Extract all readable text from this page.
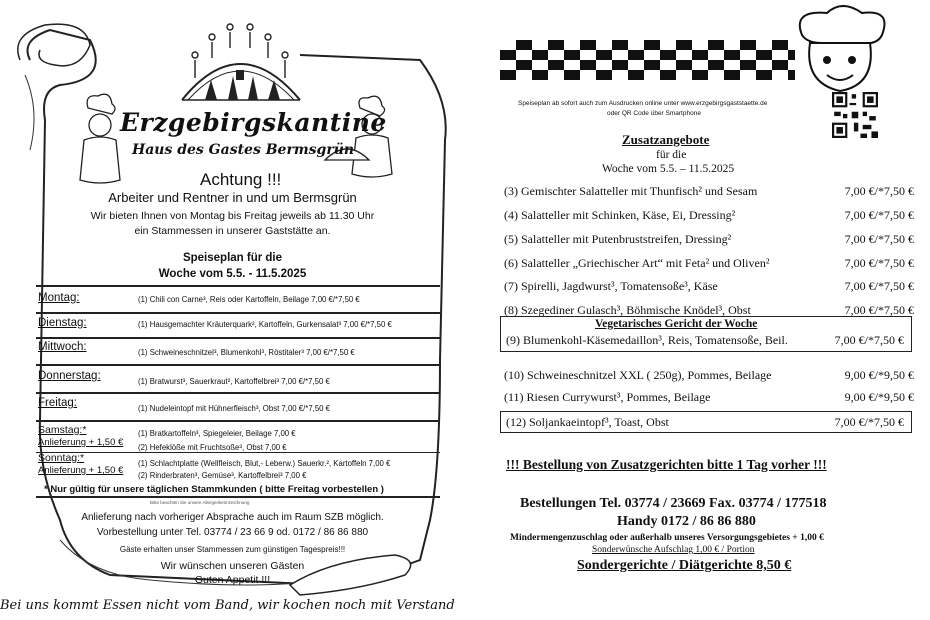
Erzgebirgskantine
Haus des Gastes Bermsgrün
Achtung !!!
Arbeiter und Rentner in und um Bermsgrün
Wir bieten Ihnen von Montag bis Freitag jeweils ab 11.30 Uhr
ein Stammessen in unserer Gaststätte an.
Speiseplan für die
Woche vom 5.5. - 11.5.2025
Montag:	(1) Chili con Carne³, Reis oder Kartoffeln, Beilage 7,00 €/*7,50 €
Dienstag:	(1) Hausgemachter Kräuterquark², Kartoffeln, Gurkensalat³ 7,00 €/*7,50 €
Mittwoch:	(1) Schweineschnitzel³, Blumenkohl³, Röstitaler³ 7,00 €/*7,50 €
Donnerstag:	(1) Bratwurst³, Sauerkraut², Kartoffelbrei³ 7,00 €/*7,50 €
Freitag:	(1) Nudeleintopf mit Hühnerfleisch³, Obst 7,00 €/*7,50 €
Samstag:*	(1) Bratkartoffeln³, Spiegeleier, Beilage 7,00 €
Anlieferung + 1,50 € (2) Hefeklöße mit Fruchtsoße³, Obst 7,00 €
Sonntag:*	(1) Schlachtplatte (Wellfleisch, Blut,- Leberw.) Sauerkr.², Kartoffeln 7,00 €
Anlieferung + 1,50 € (2) Rinderbraten³, Gemüse³, Kartoffelbrei³ 7,00 €
* Nur gültig für unsere täglichen Stammkunden ( bitte Freitag vorbestellen )
Bitte beachten Sie unsere Allergenkennzeichnung
Anlieferung nach vorheriger Absprache auch im Raum SZB möglich.
Vorbestellung unter Tel. 03774 / 23 66 9 od. 0172 / 86 86 880
Gäste erhalten unser Stammessen zum günstigen Tagespreis!!!
Wir wünschen unseren Gästen
Guten Appetit !!!
Bei uns kommt Essen nicht vom Band, wir kochen noch mit Verstand
Speiseplan ab sofort auch zum Ausdrucken online unter www.erzgebirgsgaststaette.de
oder QR Code über Smartphone
Zusatzangebote
für die
Woche vom 5.5. – 11.5.2025
(3) Gemischter Salatteller mit Thunfisch² und Sesam	7,00 €/*7,50 €
(4) Salatteller mit Schinken, Käse, Ei, Dressing²	7,00 €/*7,50 €
(5) Salatteller mit Putenbruststreifen, Dressing²	7,00 €/*7,50 €
(6) Salatteller „Griechischer Art“ mit Feta² und Oliven²	7,00 €/*7,50 €
(7) Spirelli, Jagdwurst³, Tomatensoße³, Käse	7,00 €/*7,50 €
(8) Szegediner Gulasch³, Böhmische Knödel³, Obst	7,00 €/*7,50 €
Vegetarisches Gericht der Woche
(9) Blumenkohl-Käsemedaillon³, Reis, Tomatensoße, Beil.	7,00 €/*7,50 €
(10) Schweineschnitzel XXL ( 250g), Pommes, Beilage	9,00 €/*9,50 €
(11) Riesen Currywurst³, Pommes, Beilage	9,00 €/*9,50 €
(12) Soljankaeintopf³, Toast, Obst	7,00 €/*7,50 €
!!! Bestellung von Zusatzgerichten bitte 1 Tag vorher !!!
Bestellungen Tel. 03774 / 23669 Fax. 03774 / 177518
Handy 0172 / 86 86 880
Mindermengenzuschlag oder außerhalb unseres Versorgungsgebietes + 1,00 €
Sonderwünsche Aufschlag 1,00 € / Portion
Sondergerichte / Diätgerichte 8,50 €
